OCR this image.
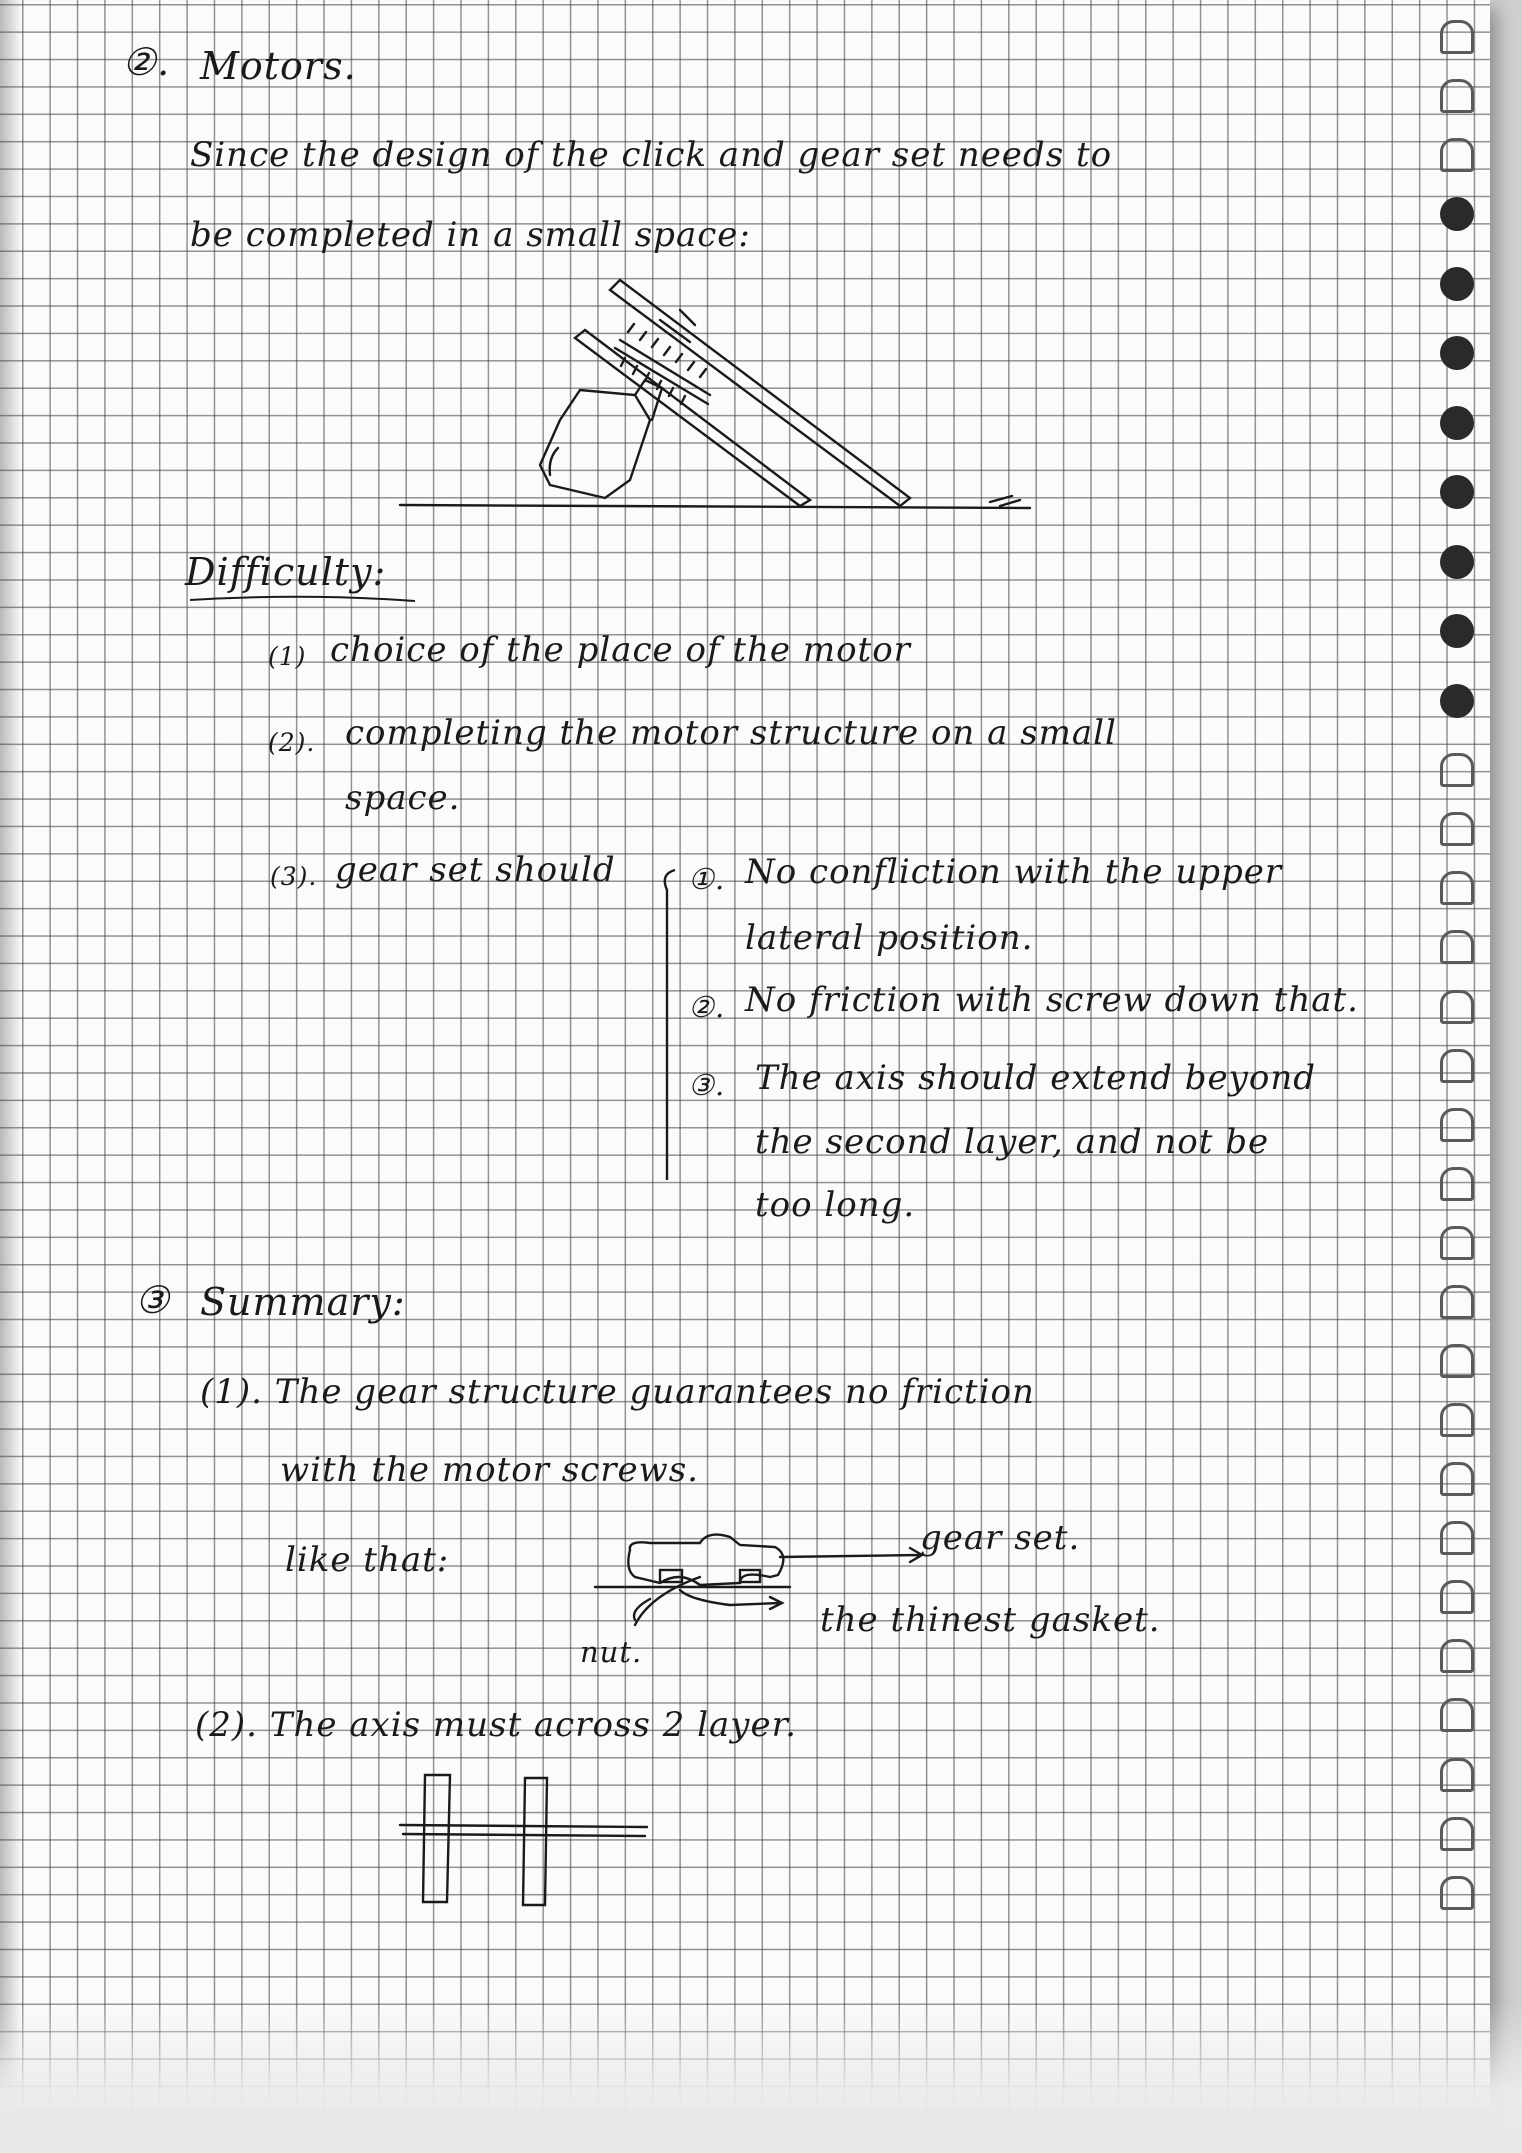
②. Motors.
Since the design of the click and gear set needs to
be completed in a small space:
Difficulty:
(1) choice of the place of the motor
(2). completing the motor structure on a small
space.
(3). gear set should ①. No confliction with the upper
lateral position.
②. No friction with screw down that.
③. The axis should extend beyond
the second layer, and not be
too long.
③ Summary:
(1). The gear structure guarantees no friction
with the motor screws.
like that:
gear set.
the thinest gasket.
nut.
(2). The axis must across 2 layer.
